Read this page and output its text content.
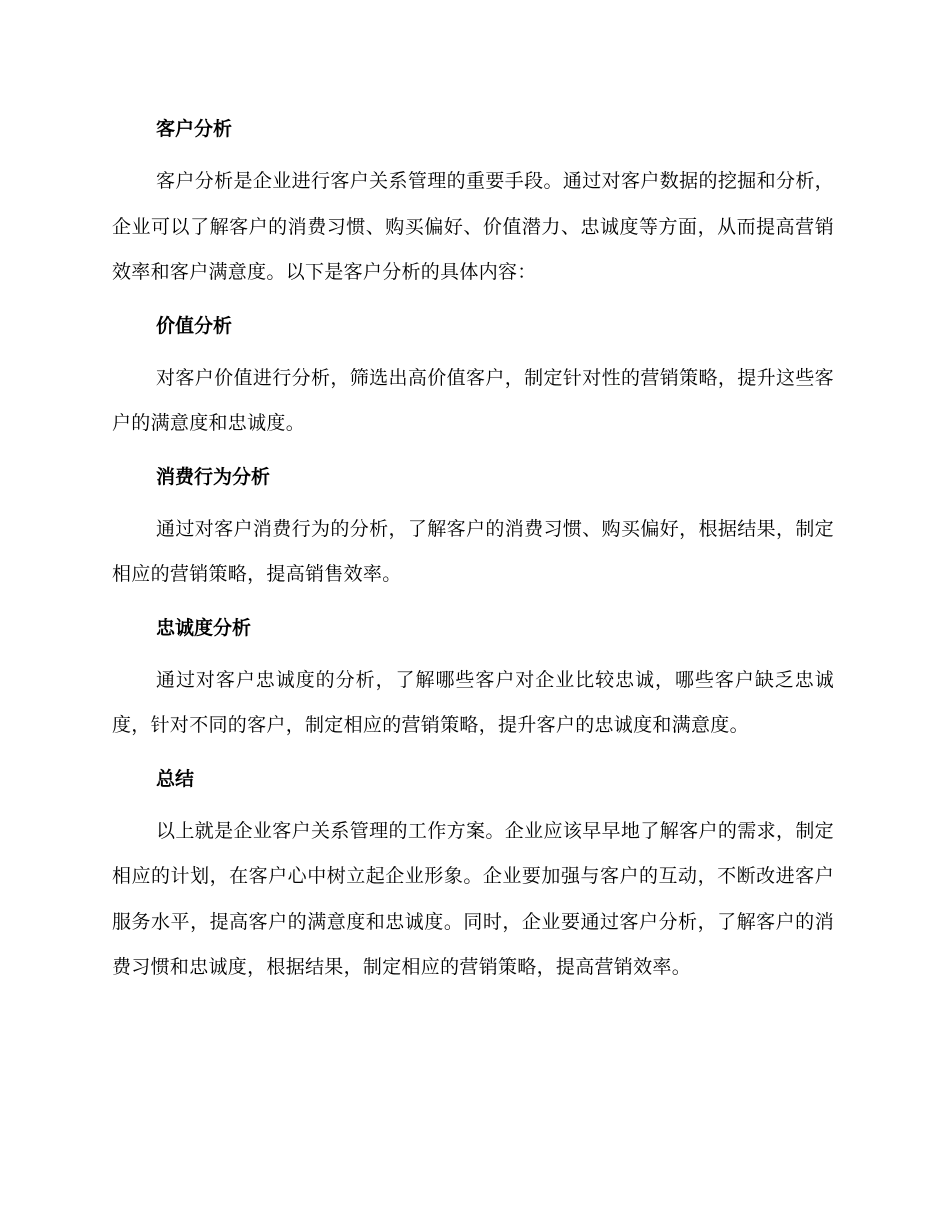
客户分析

客户分析是企业进行客户关系管理的重要手段。通过对客户数据的挖掘和分析，企业可以了解客户的消费习惯、购买偏好、价值潜力、忠诚度等方面，从而提高营销效率和客户满意度。以下是客户分析的具体内容：

价值分析

对客户价值进行分析，筛选出高价值客户，制定针对性的营销策略，提升这些客户的满意度和忠诚度。

消费行为分析

通过对客户消费行为的分析，了解客户的消费习惯、购买偏好，根据结果，制定相应的营销策略，提高销售效率。

忠诚度分析

通过对客户忠诚度的分析，了解哪些客户对企业比较忠诚，哪些客户缺乏忠诚度，针对不同的客户，制定相应的营销策略，提升客户的忠诚度和满意度。

总结

以上就是企业客户关系管理的工作方案。企业应该早早地了解客户的需求，制定相应的计划，在客户心中树立起企业形象。企业要加强与客户的互动，不断改进客户服务水平，提高客户的满意度和忠诚度。同时，企业要通过客户分析，了解客户的消费习惯和忠诚度，根据结果，制定相应的营销策略，提高营销效率。
